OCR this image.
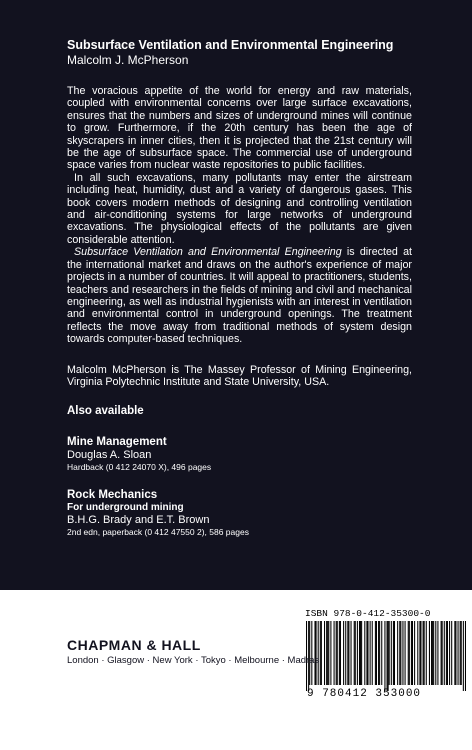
Subsurface Ventilation and Environmental Engineering
Malcolm J. McPherson

The voracious appetite of the world for energy and raw materials, coupled with environmental concerns over large surface excavations, ensures that the numbers and sizes of underground mines will continue to grow. Furthermore, if the 20th century has been the age of skyscrapers in inner cities, then it is projected that the 21st century will be the age of subsurface space. The commercial use of underground space varies from nuclear waste repositories to public facilities.

In all such excavations, many pollutants may enter the airstream including heat, humidity, dust and a variety of dangerous gases. This book covers modern methods of designing and controlling ventilation and air-conditioning systems for large networks of underground excavations. The physiological effects of the pollutants are given considerable attention.

Subsurface Ventilation and Environmental Engineering is directed at the international market and draws on the author's experience of major projects in a number of countries. It will appeal to practitioners, students, teachers and researchers in the fields of mining and civil and mechanical engineering, as well as industrial hygienists with an interest in ventilation and environmental control in underground openings. The treatment reflects the move away from traditional methods of system design towards computer-based techniques.

Malcolm McPherson is The Massey Professor of Mining Engineering, Virginia Polytechnic Institute and State University, USA.

Also available
Mine Management
Douglas A. Sloan
Hardback (0 412 24070 X), 496 pages
Rock Mechanics
For underground mining
B.H.G. Brady and E.T. Brown
2nd edn, paperback (0 412 47550 2), 586 pages
ISBN 978-0-412-35300-0
9 780412 353000
CHAPMAN & HALL
London · Glasgow · New York · Tokyo · Melbourne · Madras
